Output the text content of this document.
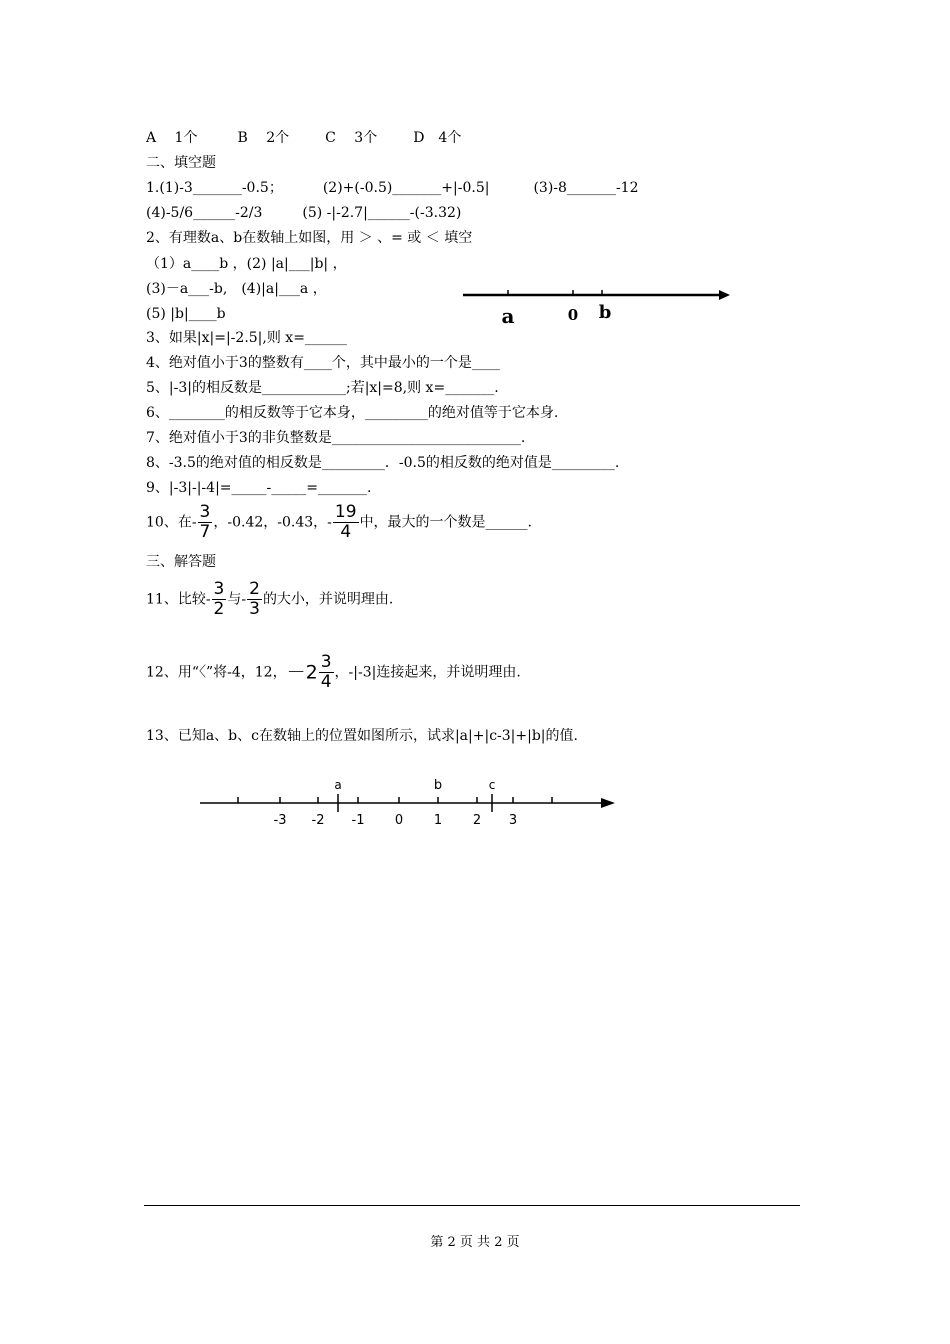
A　 1个	B　 2个	C　 3个	D　4个
二、填空题
1.(1)-3_______-0.5；	(2)+(-0.5)_______+|-0.5|	(3)-8_______-12
(4)-5/6______-2/3	(5) -|-2.7|______-(-3.32)
2、有理数a、b在数轴上如图，用 ＞ 、= 或 ＜ 填空
（1）a____b ，(2) |a|___|b| ，
(3)－a___-b,　(4)|a|___a ，
(5) |b|____b	a	0 b
3、如果|x|=|-2.5|,则 x=______
4、绝对值小于3的整数有____个，其中最小的一个是____
5、|-3|的相反数是____________;若|x|=8,则 x=_______.
6、________的相反数等于它本身，_________的绝对值等于它本身.
7、绝对值小于3的非负整数是___________________________.
8、-3.5的绝对值的相反数是_________．-0.5的相反数的绝对值是_________.
9、|-3|-|-4|=_____-_____=_______.
10、在- $\frac{3}{7}$ ，-0.42，-0.43，- $\frac{19}{4}$ 中，最大的一个数是______.
三、解答题
11、比较- $\frac{3}{2}$ 与- $\frac{2}{3}$ 的大小，并说明理由.
12、用“〈”将-4，12，$-2 \frac{3}{4}$ ，-|-3|连接起来，并说明理由.
13、已知a、b、c在数轴上的位置如图所示，试求|a|+|c-3|+|b|的值.
-3 -2 -1 0 1 2 3
a	b	c
第 2 页 共 2 页
